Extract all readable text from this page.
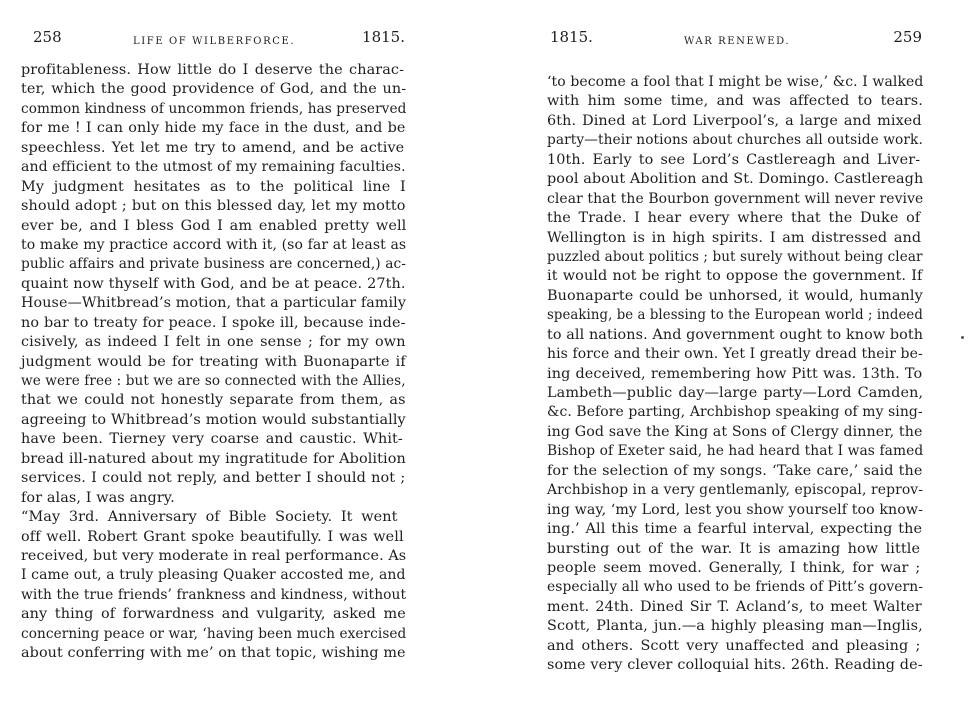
258	LIFE OF WILBERFORCE.	1815.
profitableness. How little do I deserve the charac-
ter, which the good providence of God, and the un-
common kindness of uncommon friends, has preserved
for me ! I can only hide my face in the dust, and be
speechless. Yet let me try to amend, and be active
and efficient to the utmost of my remaining faculties.
My judgment hesitates as to the political line I
should adopt ; but on this blessed day, let my motto
ever be, and I bless God I am enabled pretty well
to make my practice accord with it, (so far at least as
public affairs and private business are concerned,) ac-
quaint now thyself with God, and be at peace. 27th.
House—Whitbread’s motion, that a particular family
no bar to treaty for peace. I spoke ill, because inde-
cisively, as indeed I felt in one sense ; for my own
judgment would be for treating with Buonaparte if
we were free : but we are so connected with the Allies,
that we could not honestly separate from them, as
agreeing to Whitbread’s motion would substantially
have been. Tierney very coarse and caustic. Whit-
bread ill-natured about my ingratitude for Abolition
services. I could not reply, and better I should not ;
for alas, I was angry.
“May 3rd. Anniversary of Bible Society. It went
off well. Robert Grant spoke beautifully. I was well
received, but very moderate in real performance. As
I came out, a truly pleasing Quaker accosted me, and
with the true friends’ frankness and kindness, without
any thing of forwardness and vulgarity, asked me
concerning peace or war, ‘having been much exercised
about conferring with me’ on that topic, wishing me
1815.	WAR RENEWED.	259
‘to become a fool that I might be wise,’ &c. I walked
with him some time, and was affected to tears.
6th. Dined at Lord Liverpool’s, a large and mixed
party—their notions about churches all outside work.
10th. Early to see Lord’s Castlereagh and Liver-
pool about Abolition and St. Domingo. Castlereagh
clear that the Bourbon government will never revive
the Trade. I hear every where that the Duke of
Wellington is in high spirits. I am distressed and
puzzled about politics ; but surely without being clear
it would not be right to oppose the government. If
Buonaparte could be unhorsed, it would, humanly
speaking, be a blessing to the European world ; indeed
to all nations. And government ought to know both
his force and their own. Yet I greatly dread their be-
ing deceived, remembering how Pitt was. 13th. To
Lambeth—public day—large party—Lord Camden,
&c. Before parting, Archbishop speaking of my sing-
ing God save the King at Sons of Clergy dinner, the
Bishop of Exeter said, he had heard that I was famed
for the selection of my songs. ‘Take care,’ said the
Archbishop in a very gentlemanly, episcopal, reprov-
ing way, ‘my Lord, lest you show yourself too know-
ing.’ All this time a fearful interval, expecting the
bursting out of the war. It is amazing how little
people seem moved. Generally, I think, for war ;
especially all who used to be friends of Pitt’s govern-
ment. 24th. Dined Sir T. Acland’s, to meet Walter
Scott, Planta, jun.—a highly pleasing man—Inglis,
and others. Scott very unaffected and pleasing ;
some very clever colloquial hits. 26th. Reading de-
